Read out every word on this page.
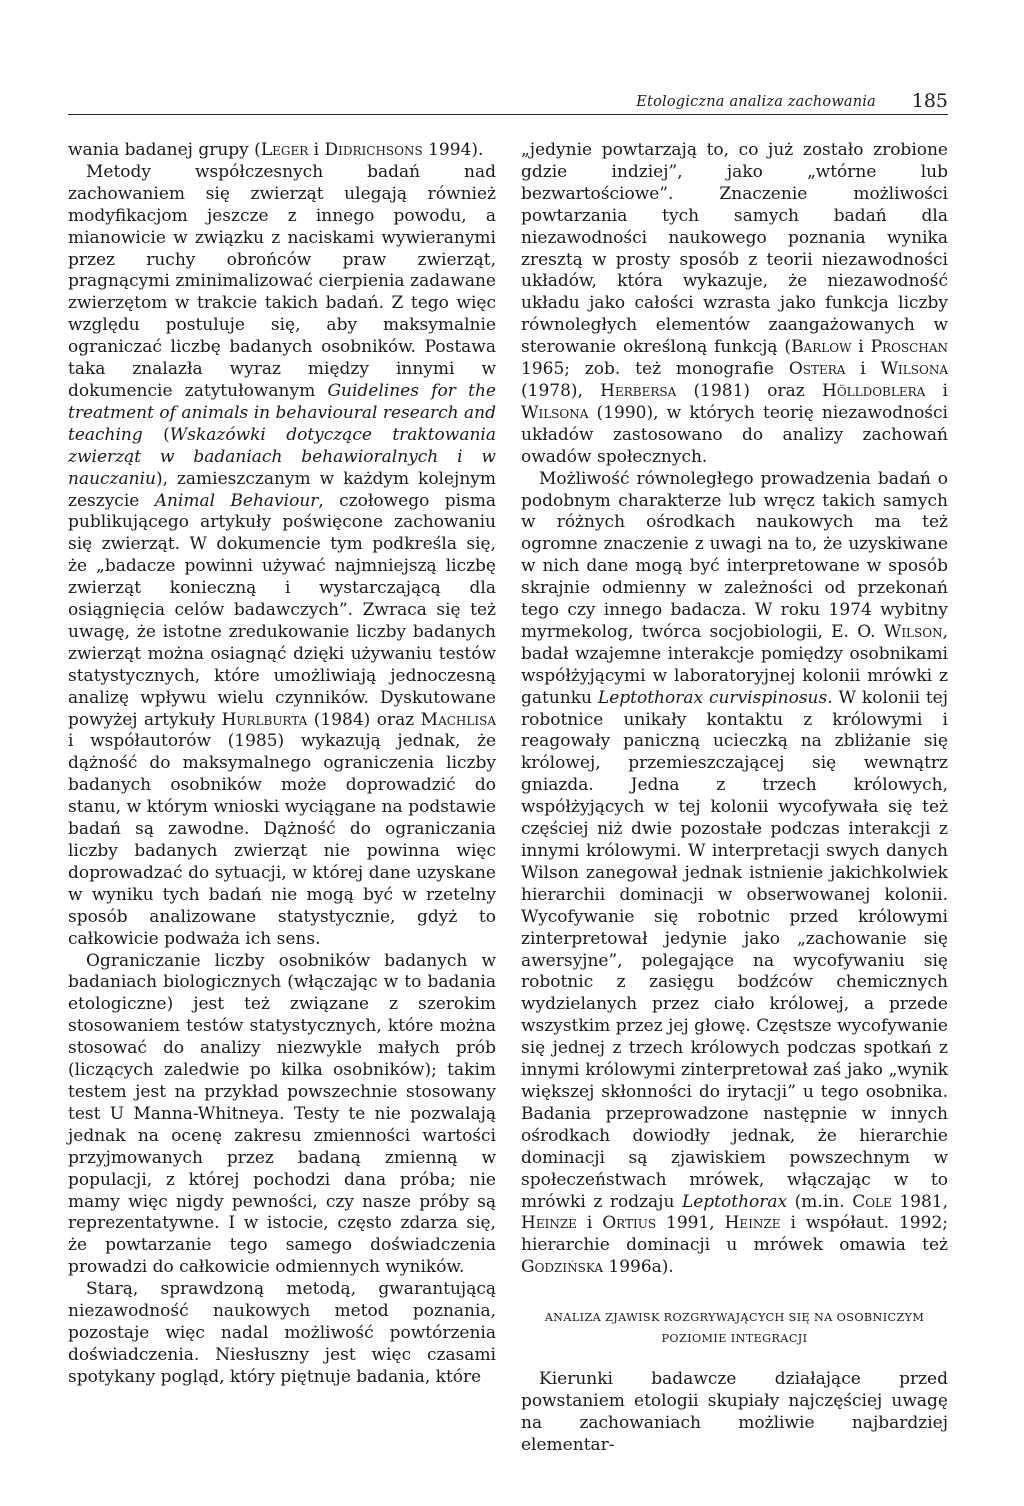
Etologiczna analiza zachowania 185

wania badanej grupy (Leger i Didrichsons 1994).

Metody współczesnych badań nad zachowaniem się zwierząt ulegają również modyfikacjom jeszcze z innego powodu, a mianowicie w związku z naciskami wywieranymi przez ruchy obrońców praw zwierząt, pragnącymi zminimalizować cierpienia zadawane zwierzętom w trakcie takich badań. Z tego więc względu postuluje się, aby maksymalnie ograniczać liczbę badanych osobników. Postawa taka znalazła wyraz między innymi w dokumencie zatytułowanym Guidelines for the treatment of animals in behavioural research and teaching (Wskazówki dotyczące traktowania zwierząt w badaniach behawioralnych i w nauczaniu), zamieszczanym w każdym kolejnym zeszycie Animal Behaviour, czołowego pisma publikującego artykuły poświęcone zachowaniu się zwierząt. W dokumencie tym podkreśla się, że „badacze powinni używać najmniejszą liczbę zwierząt konieczną i wystarczającą dla osiągnięcia celów badawczych”. Zwraca się też uwagę, że istotne zredukowanie liczby badanych zwierząt można osiagnąć dzięki używaniu testów statystycznych, które umożliwiają jednoczesną analizę wpływu wielu czynników. Dyskutowane powyżej artykuły Hurlburta (1984) oraz Machlisa i współautorów (1985) wykazują jednak, że dążność do maksymalnego ograniczenia liczby badanych osobników może doprowadzić do stanu, w którym wnioski wyciągane na podstawie badań są zawodne. Dążność do ograniczania liczby badanych zwierząt nie powinna więc doprowadzać do sytuacji, w której dane uzyskane w wyniku tych badań nie mogą być w rzetelny sposób analizowane statystycznie, gdyż to całkowicie podważa ich sens.

Ograniczanie liczby osobników badanych w badaniach biologicznych (włączając w to badania etologiczne) jest też związane z szerokim stosowaniem testów statystycznych, które można stosować do analizy niezwykle małych prób (liczących zaledwie po kilka osobników); takim testem jest na przykład powszechnie stosowany test U Manna-Whitneya. Testy te nie pozwalają jednak na ocenę zakresu zmienności wartości przyjmowanych przez badaną zmienną w populacji, z której pochodzi dana próba; nie mamy więc nigdy pewności, czy nasze próby są reprezentatywne. I w istocie, często zdarza się, że powtarzanie tego samego doświadczenia prowadzi do całkowicie odmiennych wyników.

Starą, sprawdzoną metodą, gwarantującą niezawodność naukowych metod poznania, pozostaje więc nadal możliwość powtórzenia doświadczenia. Niesłuszny jest więc czasami spotykany pogląd, który piętnuje badania, które

„jedynie powtarzają to, co już zostało zrobione gdzie indziej”, jako „wtórne lub bezwartościowe”. Znaczenie możliwości powtarzania tych samych badań dla niezawodności naukowego poznania wynika zresztą w prosty sposób z teorii niezawodności układów, która wykazuje, że niezawodność układu jako całości wzrasta jako funkcja liczby równoległych elementów zaangażowanych w sterowanie określoną funkcją (Barlow i Proschan 1965; zob. też monografie Ostera i Wilsona (1978), Herbersa (1981) oraz Hölldoblera i Wilsona (1990), w których teorię niezawodności układów zastosowano do analizy zachowań owadów społecznych.

Możliwość równoległego prowadzenia badań o podobnym charakterze lub wręcz takich samych w różnych ośrodkach naukowych ma też ogromne znaczenie z uwagi na to, że uzyskiwane w nich dane mogą być interpretowane w sposób skrajnie odmienny w zależności od przekonań tego czy innego badacza. W roku 1974 wybitny myrmekolog, twórca socjobiologii, E. O. Wilson, badał wzajemne interakcje pomiędzy osobnikami współżyjącymi w laboratoryjnej kolonii mrówki z gatunku Leptothorax curvispinosus. W kolonii tej robotnice unikały kontaktu z królowymi i reagowały paniczną ucieczką na zbliżanie się królowej, przemieszczającej się wewnątrz gniazda. Jedna z trzech królowych, współżyjących w tej kolonii wycofywała się też częściej niż dwie pozostałe podczas interakcji z innymi królowymi. W interpretacji swych danych Wilson zanegował jednak istnienie jakichkolwiek hierarchii dominacji w obserwowanej kolonii. Wycofywanie się robotnic przed królowymi zinterpretował jedynie jako „zachowanie się awersyjne”, polegające na wycofywaniu się robotnic z zasięgu bodźców chemicznych wydzielanych przez ciało królowej, a przede wszystkim przez jej głowę. Częstsze wycofywanie się jednej z trzech królowych podczas spotkań z innymi królowymi zinterpretował zaś jako „wynik większej skłonności do irytacji” u tego osobnika. Badania przeprowadzone następnie w innych ośrodkach dowiodły jednak, że hierarchie dominacji są zjawiskiem powszechnym w społeczeństwach mrówek, włączając w to mrówki z rodzaju Leptothorax (m.in. Cole 1981, Heinze i Ortius 1991, Heinze i współaut. 1992; hierarchie dominacji u mrówek omawia też Godzińska 1996a).

ANALIZA ZJAWISK ROZGRYWAJĄCYCH SIĘ NA OSOBNICZYM
POZIOMIE INTEGRACJI

Kierunki badawcze działające przed powstaniem etologii skupiały najczęściej uwagę na zachowaniach możliwie najbardziej elementar-
